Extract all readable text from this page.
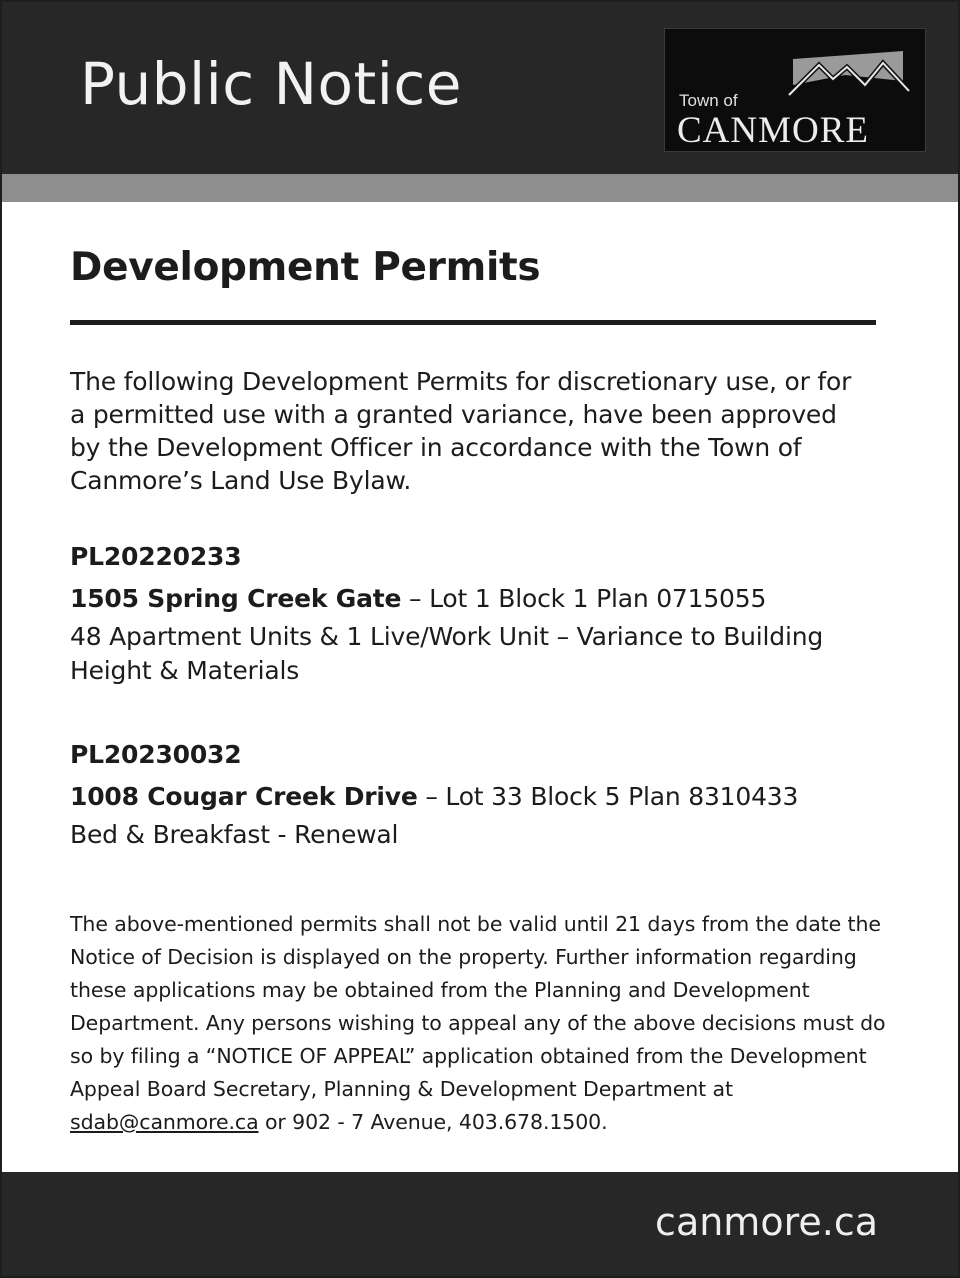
Public Notice	Town of
CANMORE
Development Permits

The following Development Permits for discretionary use, or for a permitted use with a granted variance, have been approved by the Development Officer in accordance with the Town of Canmore’s Land Use Bylaw.

PL20220233
1505 Spring Creek Gate – Lot 1 Block 1 Plan 0715055
48 Apartment Units & 1 Live/Work Unit – Variance to Building Height & Materials
PL20230032
1008 Cougar Creek Drive – Lot 33 Block 5 Plan 8310433
Bed & Breakfast - Renewal
The above-mentioned permits shall not be valid until 21 days from the date the Notice of Decision is displayed on the property. Further information regarding these applications may be obtained from the Planning and Development Department. Any persons wishing to appeal any of the above decisions must do so by filing a “NOTICE OF APPEAL” application obtained from the Development Appeal Board Secretary, Planning & Development Department at sdab@canmore.ca or 902 - 7 Avenue, 403.678.1500.
canmore.ca
